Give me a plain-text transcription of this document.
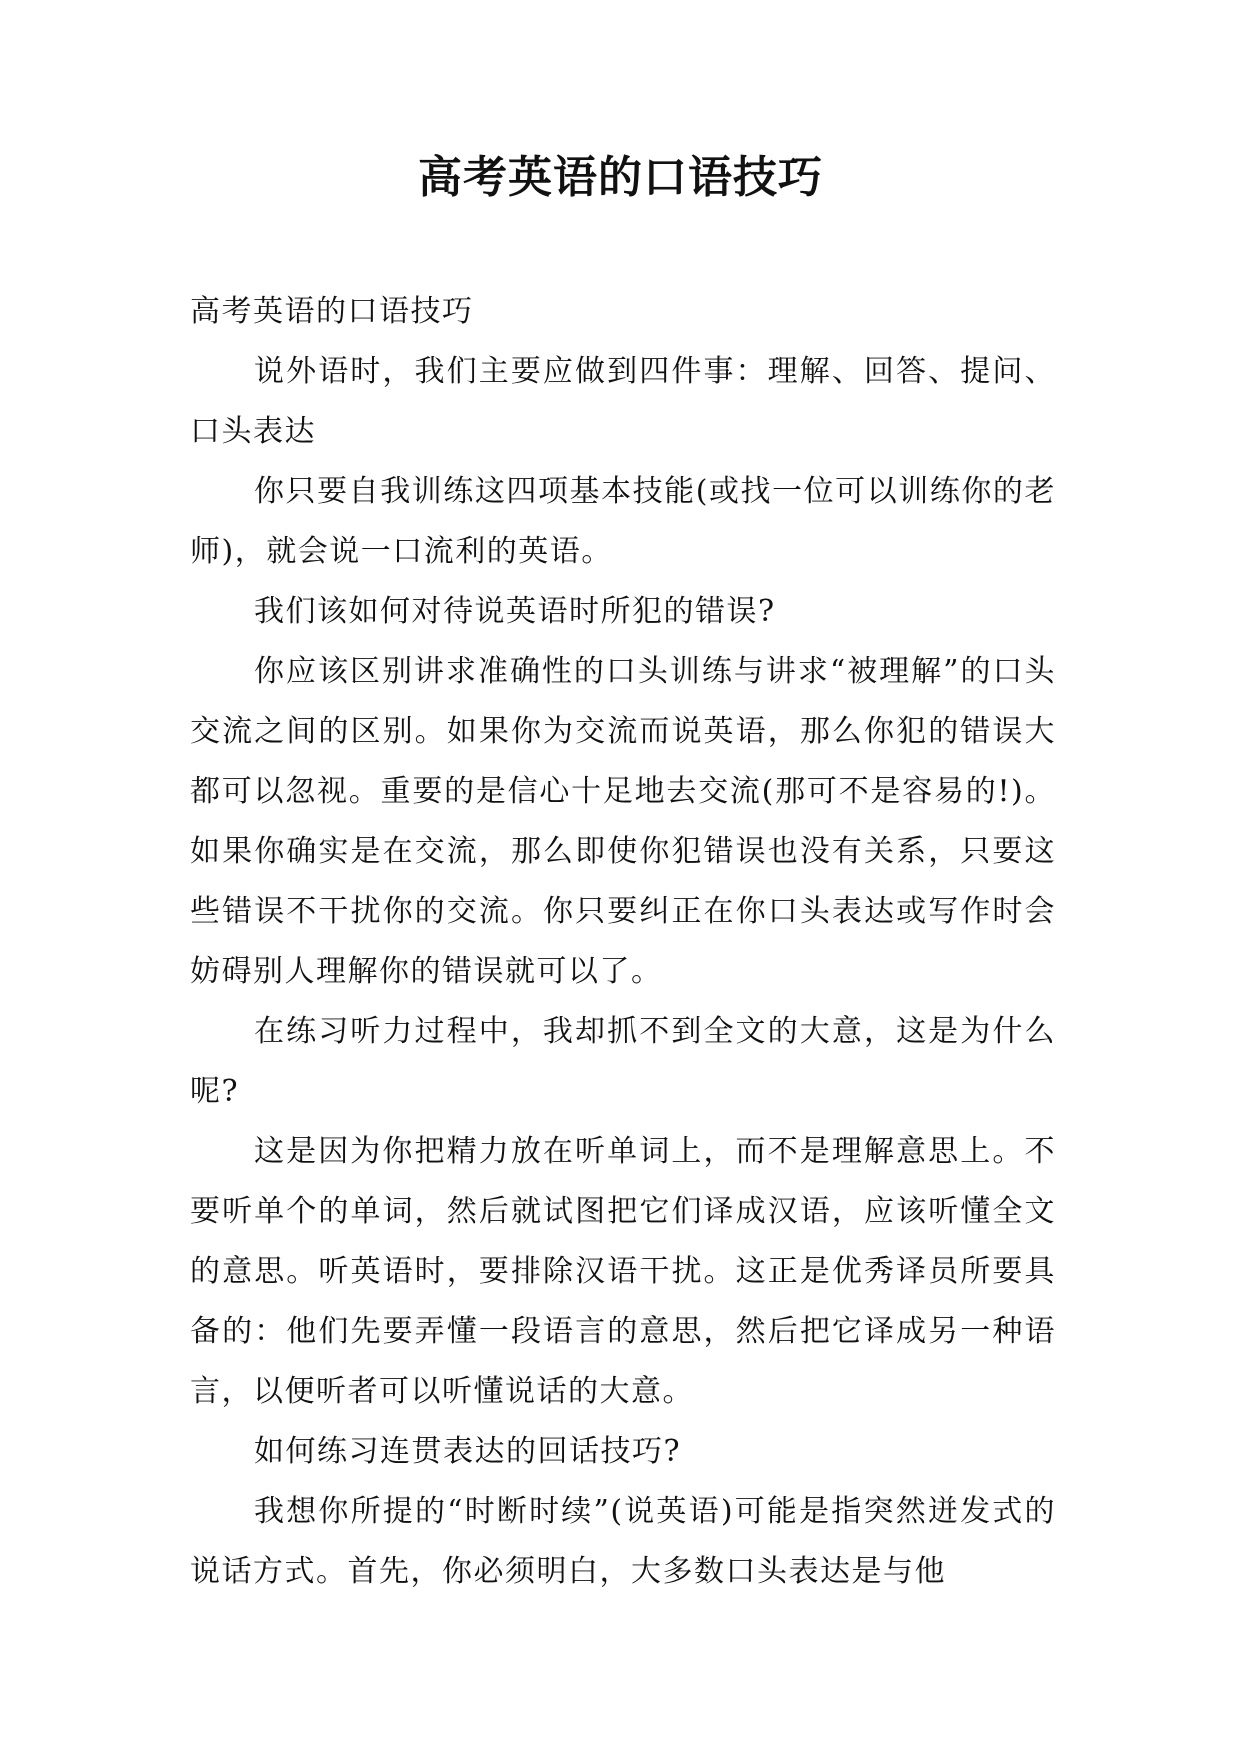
高考英语的口语技巧

高考英语的口语技巧

说外语时，我们主要应做到四件事：理解、回答、提问、口头表达

你只要自我训练这四项基本技能(或找一位可以训练你的老师)，就会说一口流利的英语。

我们该如何对待说英语时所犯的错误?

你应该区别讲求准确性的口头训练与讲求“被理解”的口头交流之间的区别。如果你为交流而说英语，那么你犯的错误大都可以忽视。重要的是信心十足地去交流(那可不是容易的!)。如果你确实是在交流，那么即使你犯错误也没有关系，只要这些错误不干扰你的交流。你只要纠正在你口头表达或写作时会妨碍别人理解你的错误就可以了。

在练习听力过程中，我却抓不到全文的大意，这是为什么呢?

这是因为你把精力放在听单词上，而不是理解意思上。不要听单个的单词，然后就试图把它们译成汉语，应该听懂全文的意思。听英语时，要排除汉语干扰。这正是优秀译员所要具备的：他们先要弄懂一段语言的意思，然后把它译成另一种语言，以便听者可以听懂说话的大意。

如何练习连贯表达的回话技巧?

我想你所提的“时断时续”(说英语)可能是指突然迸发式的说话方式。首先，你必须明白，大多数口头表达是与他
